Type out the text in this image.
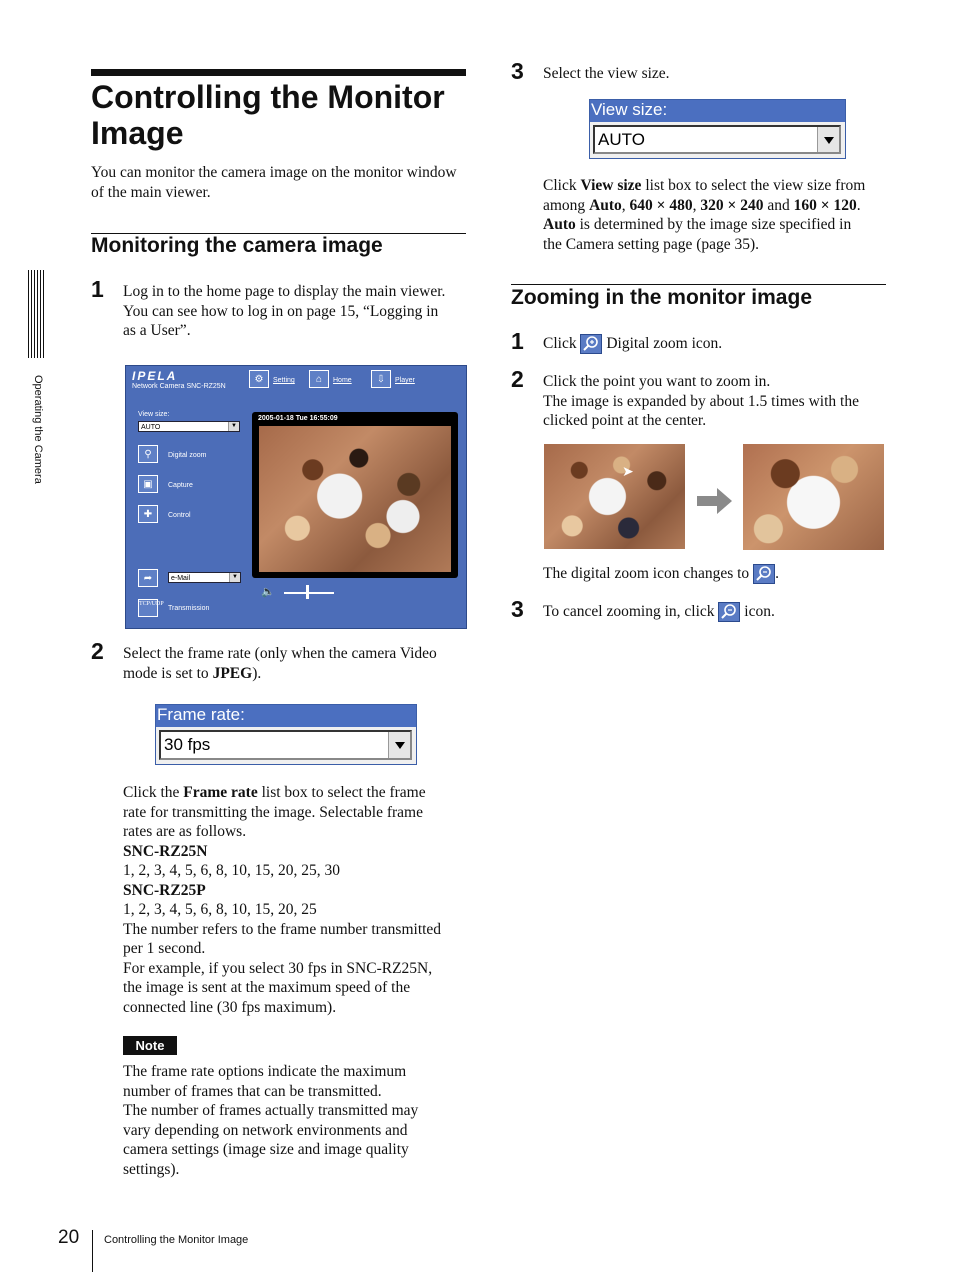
Operating the Camera
Controlling the Monitor
Image
You can monitor the camera image on the monitor window of the main viewer.
Monitoring the camera image
1 Log in to the home page to display the main viewer.
You can see how to log in on page 15, “Logging in
as a User”.
IPELA
Network Camera SNC-RZ25N
⚙	Setting	⌂	Home	⇩	Player
View size:
AUTO	▼
⚲	Digital zoom
▣	Capture
✚	Control
➦	e-Mail	▼
TCP/UDP
Transmission
2005-01-18 Tue 16:55:09
🔈
2 Select the frame rate (only when the camera Video
mode is set to JPEG).
Frame rate:
30 fps
Click the Frame rate list box to select the frame
rate for transmitting the image. Selectable frame
rates are as follows.
SNC-RZ25N
1, 2, 3, 4, 5, 6, 8, 10, 15, 20, 25, 30
SNC-RZ25P
1, 2, 3, 4, 5, 6, 8, 10, 15, 20, 25
The number refers to the frame number transmitted
per 1 second.
For example, if you select 30 fps in SNC-RZ25N,
the image is sent at the maximum speed of the
connected line (30 fps maximum).
Note
The frame rate options indicate the maximum
number of frames that can be transmitted.
The number of frames actually transmitted may
vary depending on network environments and
camera settings (image size and image quality
settings).
3 Select the view size.
View size:
AUTO
Click View size list box to select the view size from
among Auto, 640 × 480, 320 × 240 and 160 × 120.
Auto is determined by the image size specified in
the Camera setting page (page 35).
Zooming in the monitor image
1 Click Digital zoom icon.
2 Click the point you want to zoom in.
The image is expanded by about 1.5 times with the
clicked point at the center.
➤
The digital zoom icon changes to .
3 To cancel zooming in, click icon.
20 Controlling the Monitor Image
